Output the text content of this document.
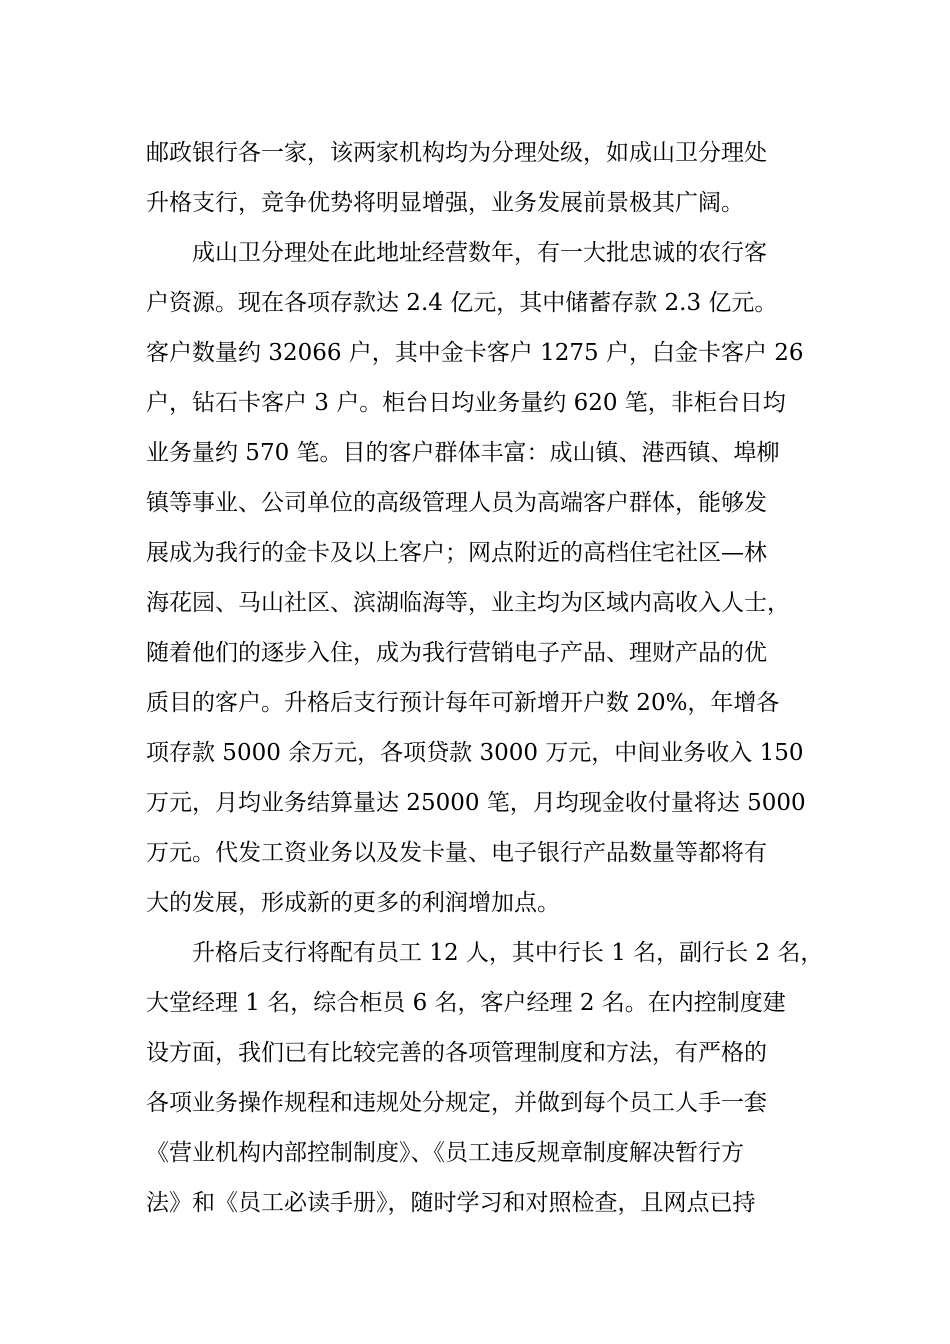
邮政银行各一家，该两家机构均为分理处级，如成山卫分理处
升格支行，竞争优势将明显增强，业务发展前景极其广阔。
成山卫分理处在此地址经营数年，有一大批忠诚的农行客
户资源。现在各项存款达 2.4 亿元，其中储蓄存款 2.3 亿元。
客户数量约 32066 户，其中金卡客户 1275 户，白金卡客户 26
户，钻石卡客户 3 户。柜台日均业务量约 620 笔，非柜台日均
业务量约 570 笔。目的客户群体丰富：成山镇、港西镇、埠柳
镇等事业、公司单位的高级管理人员为高端客户群体，能够发
展成为我行的金卡及以上客户；网点附近的高档住宅社区—林
海花园、马山社区、滨湖临海等，业主均为区域内高收入人士，
随着他们的逐步入住，成为我行营销电子产品、理财产品的优
质目的客户。升格后支行预计每年可新增开户数 20%，年增各
项存款 5000 余万元，各项贷款 3000 万元，中间业务收入 150
万元，月均业务结算量达 25000 笔，月均现金收付量将达 5000
万元。代发工资业务以及发卡量、电子银行产品数量等都将有
大的发展，形成新的更多的利润增加点。
升格后支行将配有员工 12 人，其中行长 1 名，副行长 2 名，
大堂经理 1 名，综合柜员 6 名，客户经理 2 名。在内控制度建
设方面，我们已有比较完善的各项管理制度和方法，有严格的
各项业务操作规程和违规处分规定，并做到每个员工人手一套
《营业机构内部控制制度》、《员工违反规章制度解决暂行方
法》和《员工必读手册》，随时学习和对照检查，且网点已持
